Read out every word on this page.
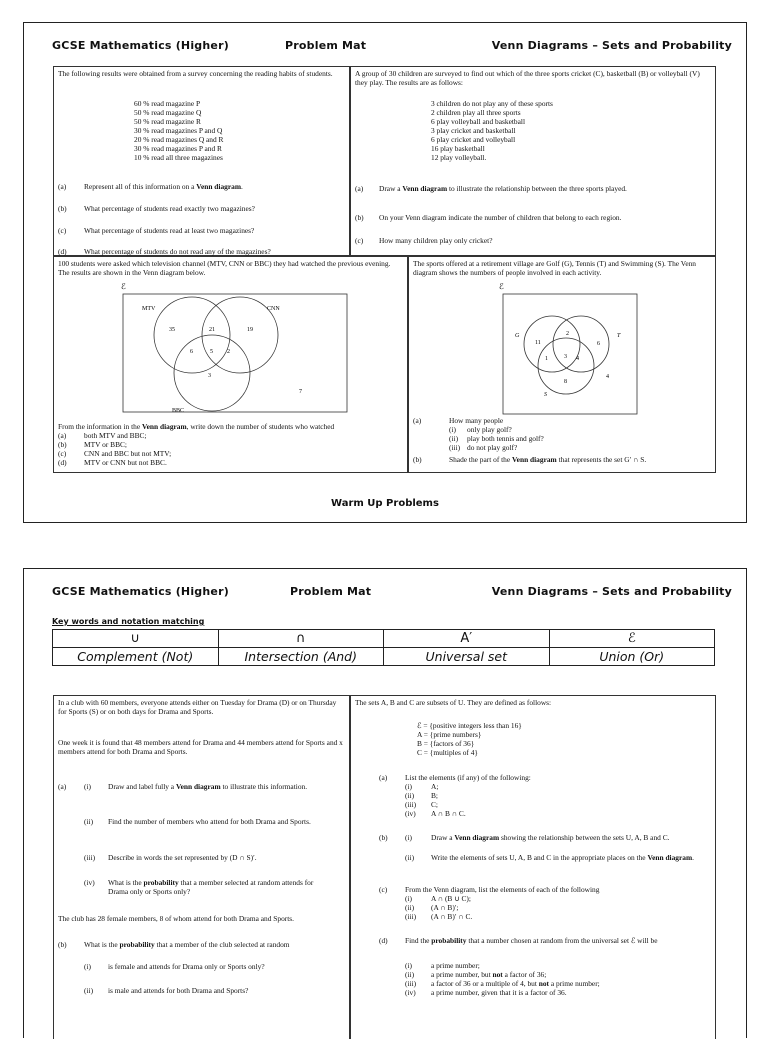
GCSE Mathematics (Higher)	Problem Mat	Venn Diagrams – Sets and Probability

The following results were obtained from a survey concerning the reading habits of students.

60 % read magazine P
50 % read magazine Q
50 % read magazine R
30 % read magazines P and Q
20 % read magazines Q and R
30 % read magazines P and R
10 % read all three magazines
(a) Represent all of this information on a Venn diagram.
(b) What percentage of students read exactly two magazines?
(c) What percentage of students read at least two magazines?
(d) What percentage of students do not read any of the magazines?

A group of 30 children are surveyed to find out which of the three sports cricket (C), basketball (B) or volleyball (V) they play. The results are as follows:

3 children do not play any of these sports
2 children play all three sports
6 play volleyball and basketball
3 play cricket and basketball
6 play cricket and volleyball
16 play basketball
12 play volleyball.
(a) Draw a Venn diagram to illustrate the relationship between the three sports played.
(b) On your Venn diagram indicate the number of children that belong to each region.
(c) How many children play only cricket?

100 students were asked which television channel (MTV, CNN or BBC) they had watched the previous evening. The results are shown in the Venn diagram below.

ℰ
MTV	CNN
BBC
35	21	19
6	5 2
3
7
From the information in the Venn diagram, write down the number of students who watched
(a) both MTV and BBC;
(b) MTV or BBC;
(c) CNN and BBC but not MTV;
(d) MTV or CNN but not BBC.

The sports offered at a retirement village are Golf (G), Tennis (T) and Swimming (S). The Venn diagram shows the numbers of people involved in each activity.

ℰ
G	T
S
11
2
6
1	3 4
8
4
(a)	How many people
(i) only play golf?
(ii) play both tennis and golf?
(iii) do not play golf?
(b)	Shade the part of the Venn diagram that represents the set G′ ∩ S.
Warm Up Problems
GCSE Mathematics (Higher)	Problem Mat	Venn Diagrams – Sets and Probability
Key words and notation matching
∪	∩	A′	ℰ
Complement (Not)	Intersection (And)	Universal set	Union (Or)

In a club with 60 members, everyone attends either on Tuesday for Drama (D) or on Thursday for Sports (S) or on both days for Drama and Sports.

One week it is found that 48 members attend for Drama and 44 members attend for Sports and x members attend for both Drama and Sports.

(a) (i) Draw and label fully a Venn diagram to illustrate this information.

(ii) Find the number of members who attend for both Drama and Sports.

(iii) Describe in words the set represented by (D ∩ S)′.

(iv) What is the probability that a member selected at random attends for Drama only or Sports only?

The club has 28 female members, 8 of whom attend for both Drama and Sports.

(b) What is the probability that a member of the club selected at random

(i) is female and attends for Drama only or Sports only?
(ii) is male and attends for both Drama and Sports?

The sets A, B and C are subsets of U. They are defined as follows:

ℰ = {positive integers less than 16}
A = {prime numbers}
B = {factors of 36}
C = {multiples of 4}
(a) List the elements (if any) of the following:
(i)	A;
(ii) B;
(iii) C;
(iv) A ∩ B ∩ C.
(b) (i)	Draw a Venn diagram showing the relationship between the sets U, A, B and C.

(ii) Write the elements of sets U, A, B and C in the appropriate places on the Venn diagram.

(c) From the Venn diagram, list the elements of each of the following
(i)	A ∩ (B ∪ C);
(ii) (A ∩ B)′;
(iii) (A ∩ B)′ ∩ C.
(d) Find the probability that a number chosen at random from the universal set ℰ will be

(i)	a prime number;
(ii) a prime number, but not a factor of 36;
(iii) a factor of 36 or a multiple of 4, but not a prime number;
(iv) a prime number, given that it is a factor of 36.
